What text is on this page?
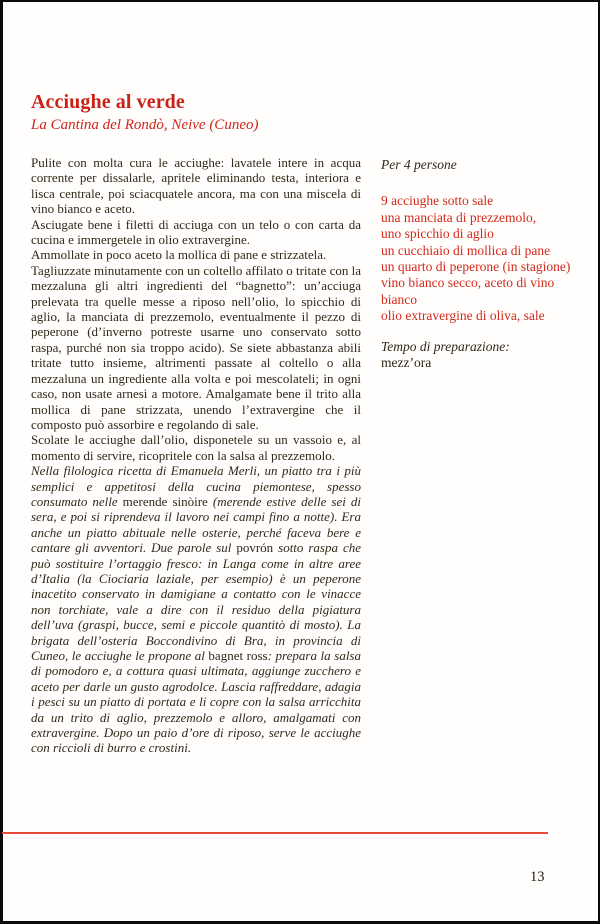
Acciughe al verde

La Cantina del Rondò, Neive (Cuneo)

Pulite con molta cura le acciughe: lavatele intere in acqua corrente per dissalarle, apritele eliminando testa, interiora e lisca centrale, poi sciacquatele ancora, ma con una miscela di vino bianco e aceto.

Asciugate bene i filetti di acciuga con un telo o con carta da cucina e immergetele in olio extravergine.

Ammollate in poco aceto la mollica di pane e strizzatela.

Tagliuzzate minutamente con un coltello affilato o tritate con la mezzaluna gli altri ingredienti del “bagnetto”: un’acciuga prelevata tra quelle messe a riposo nell’olio, lo spicchio di aglio, la manciata di prezzemolo, eventualmente il pezzo di peperone (d’inverno potreste usarne uno conservato sotto raspa, purché non sia troppo acido). Se siete abbastanza abili tritate tutto insieme, altrimenti passate al coltello o alla mezzaluna un ingrediente alla volta e poi mescolateli; in ogni caso, non usate arnesi a motore. Amalgamate bene il trito alla mollica di pane strizzata, unendo l’extravergine che il composto può assorbire e regolando di sale.

Scolate le acciughe dall’olio, disponetele su un vassoio e, al momento di servire, ricopritele con la salsa al prezzemolo.

Nella filologica ricetta di Emanuela Merli, un piatto tra i più semplici e appetitosi della cucina piemontese, spesso consumato nelle merende sinòire (merende estive delle sei di sera, e poi si riprendeva il lavoro nei campi fino a notte). Era anche un piatto abituale nelle osterie, perché faceva bere e cantare gli avventori. Due parole sul povrón sotto raspa che può sostituire l’ortaggio fresco: in Langa come in altre aree d’Italia (la Ciociaria laziale, per esempio) è un peperone inacetito conservato in damigiane a contatto con le vinacce non torchiate, vale a dire con il residuo della pigiatura dell’uva (graspi, bucce, semi e piccole quantitò di mosto). La brigata dell’osteria Boccondivino di Bra, in provincia di Cuneo, le acciughe le propone al bagnet ross: prepara la salsa di pomodoro e, a cottura quasi ultimata, aggiunge zucchero e aceto per darle un gusto agrodolce. Lascia raffreddare, adagia i pesci su un piatto di portata e li copre con la salsa arricchita da un trito di aglio, prezzemolo e alloro, amalgamati con extravergine. Dopo un paio d’ore di riposo, serve le acciughe con riccioli di burro e crostini.

Per 4 persone

9 acciughe sotto sale
una manciata di prezzemolo,
uno spicchio di aglio
un cucchiaio di mollica di pane
un quarto di peperone (in stagione)
vino bianco secco, aceto di vino bianco
olio extravergine di oliva, sale
Tempo di preparazione:
mezz’ora
13
